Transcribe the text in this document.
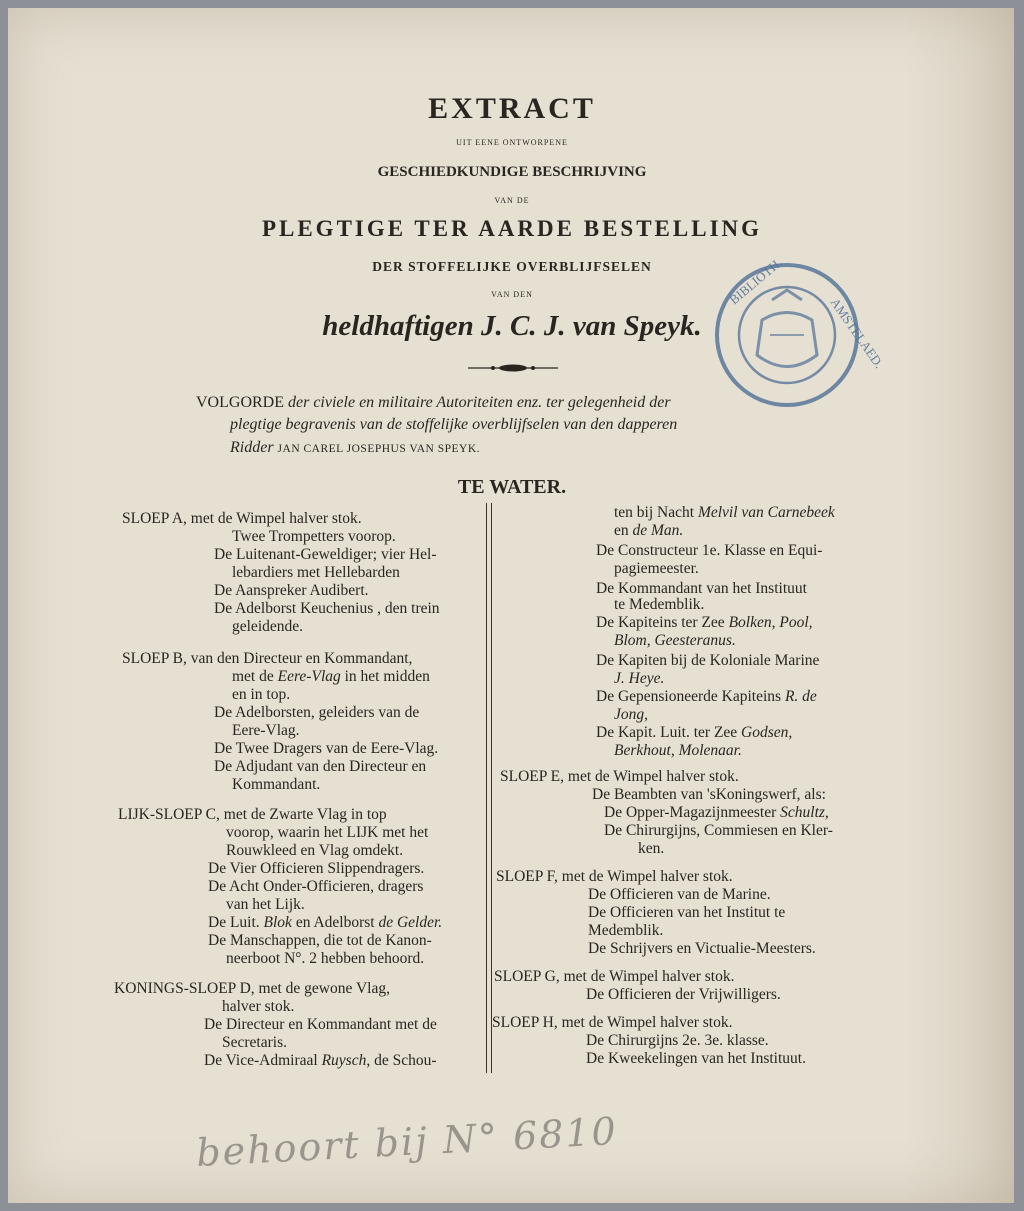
EXTRACT
UIT EENE ONTWORPENE
GESCHIEDKUNDIGE BESCHRIJVING
VAN DE
PLEGTIGE TER AARDE BESTELLING
DER STOFFELIJKE OVERBLIJFSELEN
VAN DEN
heldhaftigen J. C. J. van Speyk.
BIBLIOTH.
AMSTELAED.
VOLGORDE der civiele en militaire Autoriteiten enz. ter gelegenheid der
plegtige begravenis van de stoffelijke overblijfselen van den dapperen
Ridder JAN CAREL JOSEPHUS VAN SPEYK.
TE WATER.
SLOEP A, met de Wimpel halver stok.
Twee Trompetters voorop.
De Luitenant-Geweldiger; vier Hel-
lebardiers met Hellebarden
De Aanspreker Audibert.
De Adelborst Keuchenius , den trein
geleidende.
SLOEP B, van den Directeur en Kommandant,
met de Eere-Vlag in het midden
en in top.
De Adelborsten, geleiders van de
Eere-Vlag.
De Twee Dragers van de Eere-Vlag.
De Adjudant van den Directeur en
Kommandant.
LIJK-SLOEP C, met de Zwarte Vlag in top
voorop, waarin het LIJK met het
Rouwkleed en Vlag omdekt.
De Vier Officieren Slippendragers.
De Acht Onder-Officieren, dragers
van het Lijk.
De Luit. Blok en Adelborst de Gelder.
De Manschappen, die tot de Kanon-
neerboot N°. 2 hebben behoord.
KONINGS-SLOEP D, met de gewone Vlag,
halver stok.
De Directeur en Kommandant met de
Secretaris.
De Vice-Admiraal Ruysch, de Schou-
ten bij Nacht Melvil van Carnebeek
en de Man.
De Constructeur 1e. Klasse en Equi-
pagiemeester.
De Kommandant van het Instituut
te Medemblik.
De Kapiteins ter Zee Bolken, Pool,
Blom, Geesteranus.
De Kapiten bij de Koloniale Marine
J. Heye.
De Gepensioneerde Kapiteins R. de
Jong,
De Kapit. Luit. ter Zee Godsen,
Berkhout, Molenaar.
SLOEP E, met de Wimpel halver stok.
De Beambten van 'sKoningswerf, als:
De Opper-Magazijnmeester Schultz,
De Chirurgijns, Commiesen en Kler-
ken.
SLOEP F, met de Wimpel halver stok.
De Officieren van de Marine.
De Officieren van het Institut te
Medemblik.
De Schrijvers en Victualie-Meesters.
SLOEP G, met de Wimpel halver stok.
De Officieren der Vrijwilligers.
SLOEP H, met de Wimpel halver stok.
De Chirurgijns 2e. 3e. klasse.
De Kweekelingen van het Instituut.
behoort bij N° 6810
